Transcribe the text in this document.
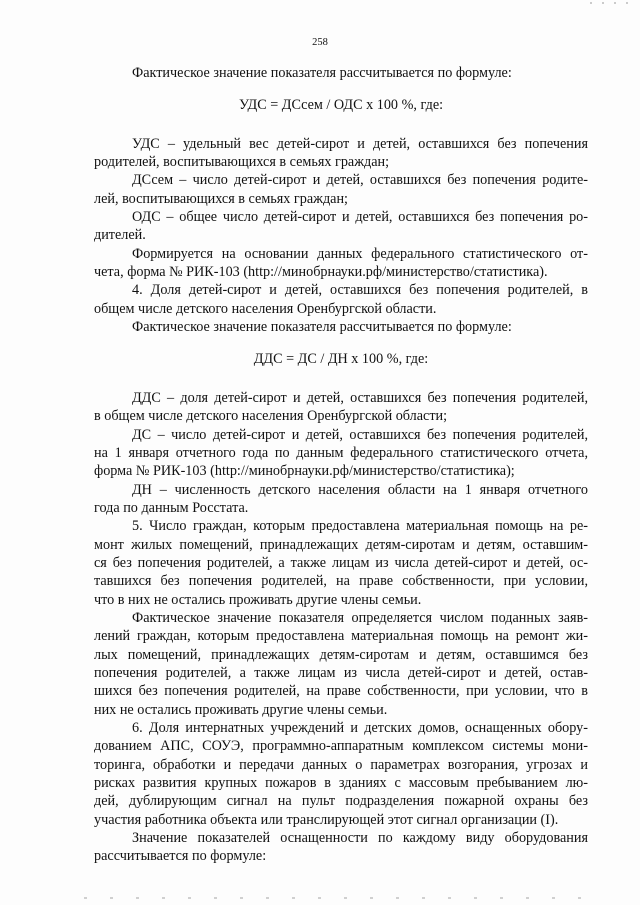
258
Фактическое значение показателя рассчитывается по формуле:
УДС = ДСсем / ОДС х 100 %, где:
УДС – удельный вес детей-сирот и детей, оставшихся без попечения
родителей, воспитывающихся в семьях граждан;
ДСсем – число детей-сирот и детей, оставшихся без попечения родите-
лей, воспитывающихся в семьях граждан;
ОДС – общее число детей-сирот и детей, оставшихся без попечения ро-
дителей.
Формируется на основании данных федерального статистического от-
чета, форма № РИК-103 (http://минобрнауки.рф/министерство/статистика).
4. Доля детей-сирот и детей, оставшихся без попечения родителей, в
общем числе детского населения Оренбургской области.
Фактическое значение показателя рассчитывается по формуле:
ДДС = ДС / ДН х 100 %, где:
ДДС – доля детей-сирот и детей, оставшихся без попечения родителей,
в общем числе детского населения Оренбургской области;
ДС – число детей-сирот и детей, оставшихся без попечения родителей,
на 1 января отчетного года по данным федерального статистического отчета,
форма № РИК-103 (http://минобрнауки.рф/министерство/статистика);
ДН – численность детского населения области на 1 января отчетного
года по данным Росстата.
5. Число граждан, которым предоставлена материальная помощь на ре-
монт жилых помещений, принадлежащих детям-сиротам и детям, оставшим-
ся без попечения родителей, а также лицам из числа детей-сирот и детей, ос-
тавшихся без попечения родителей, на праве собственности, при условии,
что в них не остались проживать другие члены семьи.
Фактическое значение показателя определяется числом поданных заяв-
лений граждан, которым предоставлена материальная помощь на ремонт жи-
лых помещений, принадлежащих детям-сиротам и детям, оставшимся без
попечения родителей, а также лицам из числа детей-сирот и детей, остав-
шихся без попечения родителей, на праве собственности, при условии, что в
них не остались проживать другие члены семьи.
6. Доля интернатных учреждений и детских домов, оснащенных обору-
дованием АПС, СОУЭ, программно-аппаратным комплексом системы мони-
торинга, обработки и передачи данных о параметрах возгорания, угрозах и
рисках развития крупных пожаров в зданиях с массовым пребыванием лю-
дей, дублирующим сигнал на пульт подразделения пожарной охраны без
участия работника объекта или транслирующей этот сигнал организации (I).
Значение показателей оснащенности по каждому виду оборудования
рассчитывается по формуле:
